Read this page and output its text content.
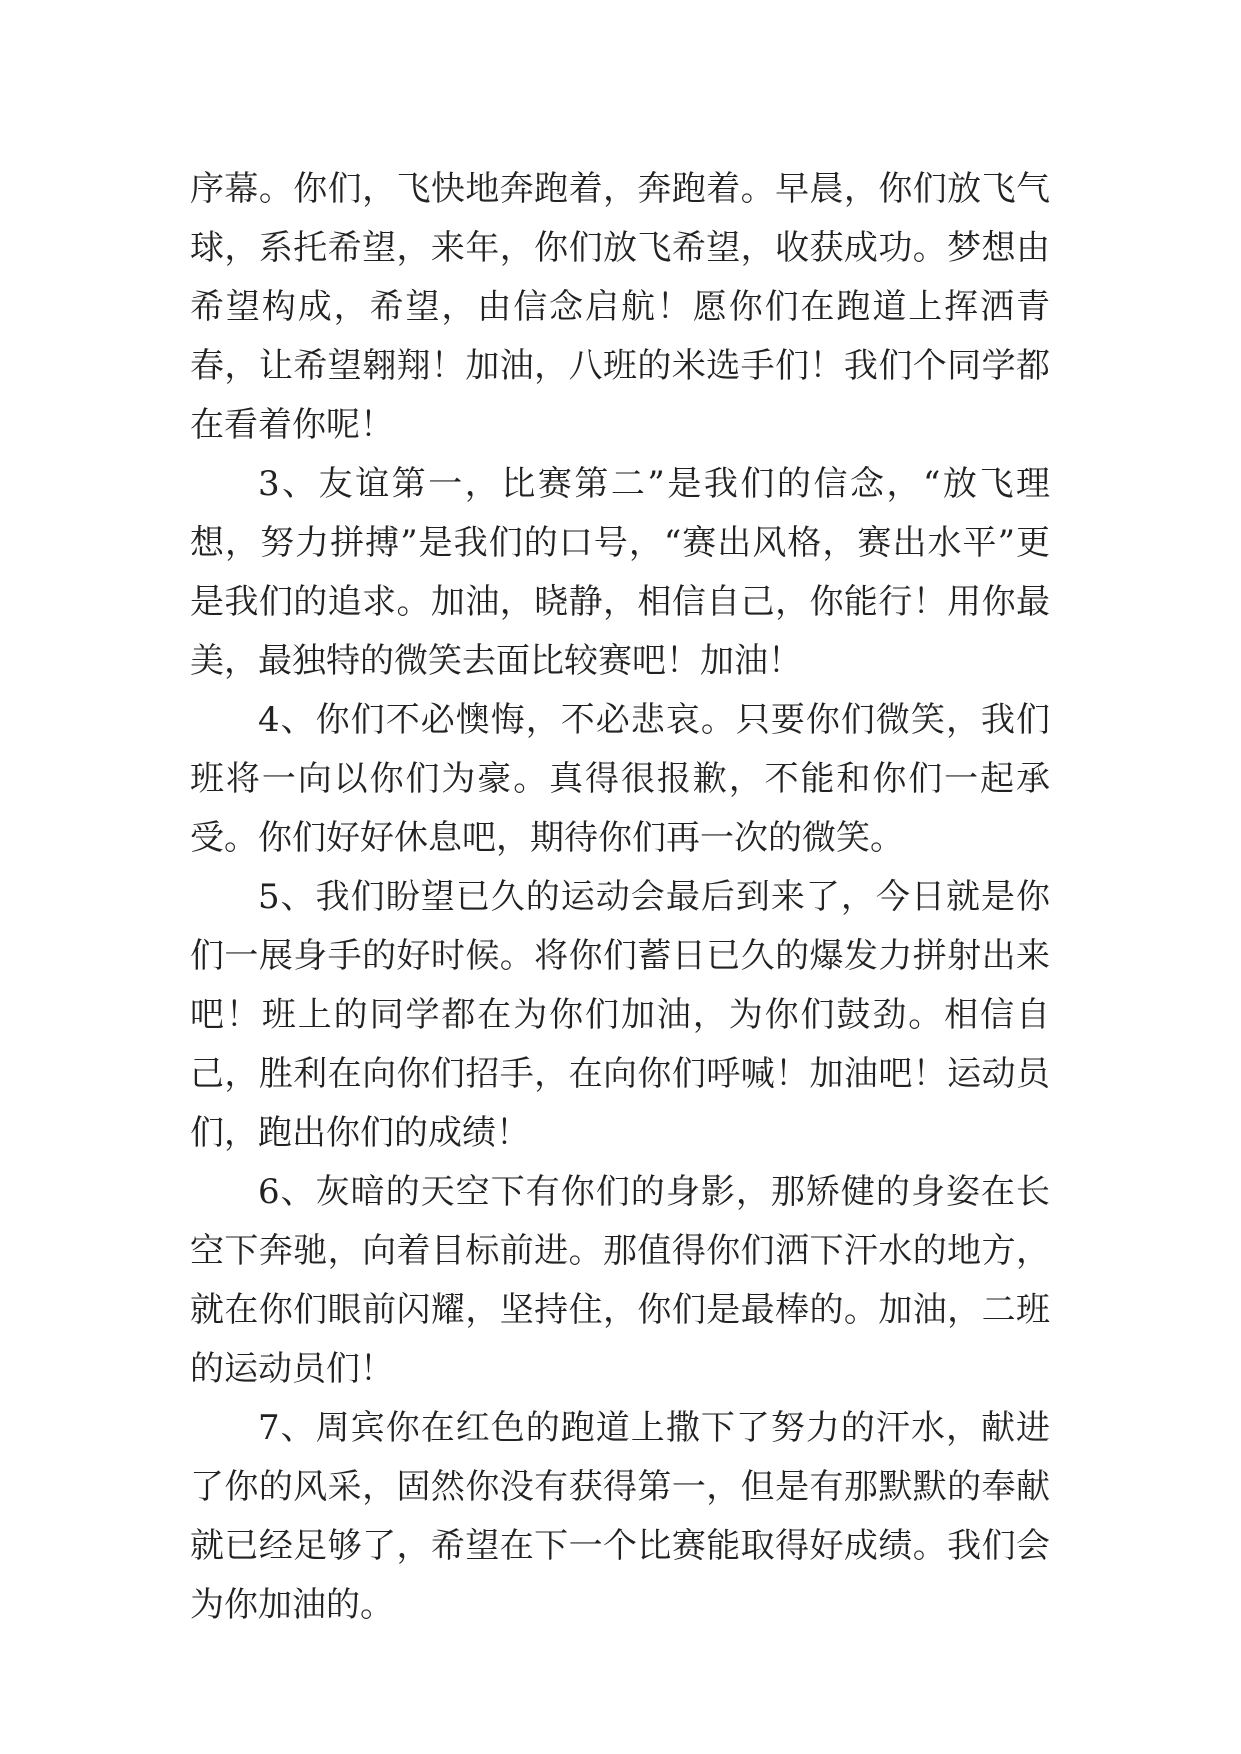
序幕。你们，飞快地奔跑着，奔跑着。早晨，你们放飞气球，系托希望，来年，你们放飞希望，收获成功。梦想由希望构成，希望，由信念启航！愿你们在跑道上挥洒青春，让希望翱翔！加油，八班的米选手们！我们个同学都在看着你呢！

3、友谊第一，比赛第二”是我们的信念，“放飞理想，努力拼搏”是我们的口号，“赛出风格，赛出水平”更是我们的追求。加油，晓静，相信自己，你能行！用你最美，最独特的微笑去面比较赛吧！加油！

4、你们不必懊悔，不必悲哀。只要你们微笑，我们班将一向以你们为豪。真得很报歉，不能和你们一起承受。你们好好休息吧，期待你们再一次的微笑。

5、我们盼望已久的运动会最后到来了，今日就是你们一展身手的好时候。将你们蓄日已久的爆发力拼射出来吧！班上的同学都在为你们加油，为你们鼓劲。相信自己，胜利在向你们招手，在向你们呼喊！加油吧！运动员们，跑出你们的成绩！

6、灰暗的天空下有你们的身影，那矫健的身姿在长空下奔驰，向着目标前进。那值得你们洒下汗水的地方，就在你们眼前闪耀，坚持住，你们是最棒的。加油，二班的运动员们！

7、周宾你在红色的跑道上撒下了努力的汗水，献进了你的风采，固然你没有获得第一，但是有那默默的奉献就已经足够了，希望在下一个比赛能取得好成绩。我们会为你加油的。
